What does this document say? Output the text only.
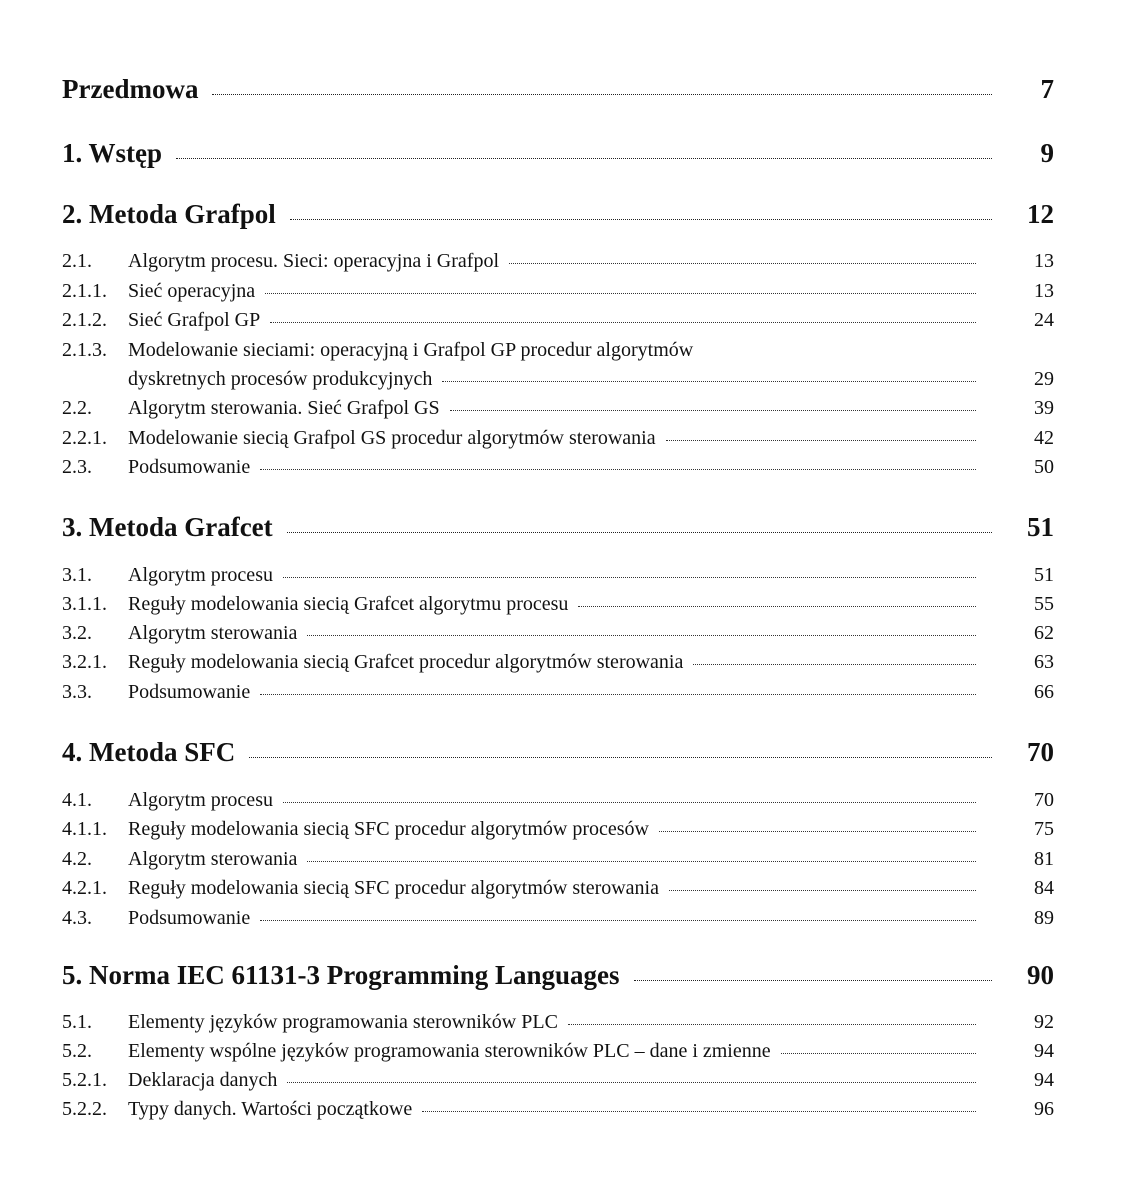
Przedmowa	7
1. Wstęp	9
2. Metoda Grafpol	12
2.1.	Algorytm procesu. Sieci: operacyjna i Grafpol	13
2.1.1.	Sieć operacyjna	13
2.1.2.	Sieć Grafpol GP	24
2.1.3.	Modelowanie sieciami: operacyjną i Grafpol GP procedur algorytmów
dyskretnych procesów produkcyjnych	29
2.2.	Algorytm sterowania. Sieć Grafpol GS	39
2.2.1.	Modelowanie siecią Grafpol GS procedur algorytmów sterowania	42
2.3.	Podsumowanie	50
3. Metoda Grafcet	51
3.1.	Algorytm procesu	51
3.1.1.	Reguły modelowania siecią Grafcet algorytmu procesu	55
3.2.	Algorytm sterowania	62
3.2.1.	Reguły modelowania siecią Grafcet procedur algorytmów sterowania	63
3.3.	Podsumowanie	66
4. Metoda SFC	70
4.1.	Algorytm procesu	70
4.1.1.	Reguły modelowania siecią SFC procedur algorytmów procesów	75
4.2.	Algorytm sterowania	81
4.2.1.	Reguły modelowania siecią SFC procedur algorytmów sterowania	84
4.3.	Podsumowanie	89
5. Norma IEC 61131-3 Programming Languages	90
5.1.	Elementy języków programowania sterowników PLC	92
5.2.	Elementy wspólne języków programowania sterowników PLC – dane i zmienne	94
5.2.1.	Deklaracja danych	94
5.2.2.	Typy danych. Wartości początkowe	96
